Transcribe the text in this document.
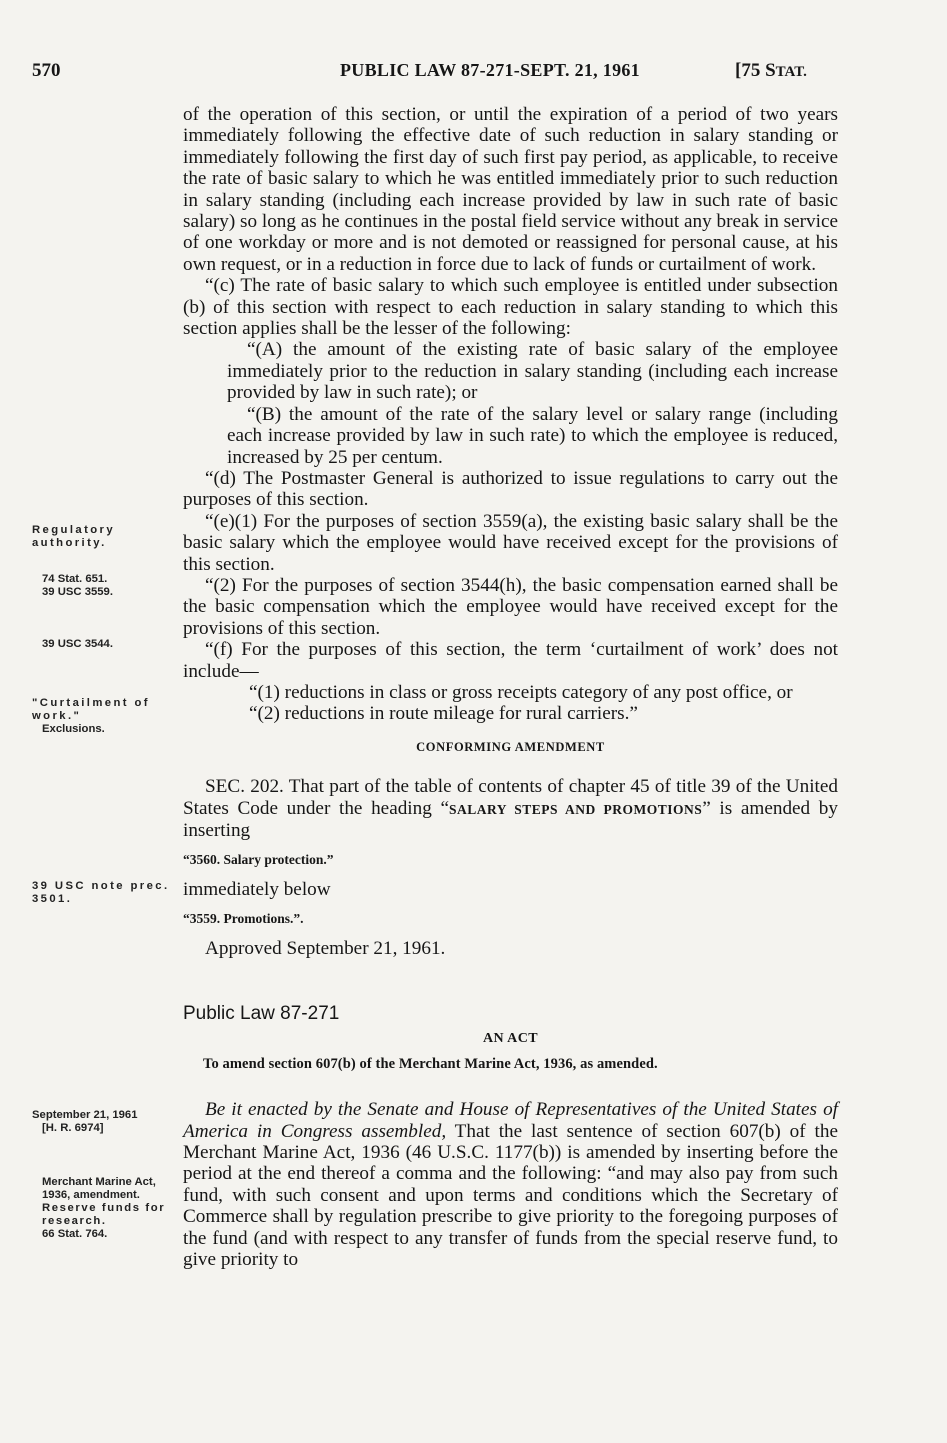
570	PUBLIC LAW 87-271-SEPT. 21, 1961	[75 STAT.

of the operation of this section, or until the expiration of a period of two years immediately following the effective date of such reduction in salary standing or immediately following the first day of such first pay period, as applicable, to receive the rate of basic salary to which he was entitled immediately prior to such reduction in salary standing (including each increase provided by law in such rate of basic salary) so long as he continues in the postal field service without any break in service of one workday or more and is not demoted or reassigned for personal cause, at his own request, or in a reduction in force due to lack of funds or curtailment of work.

“(c) The rate of basic salary to which such employee is entitled under subsection (b) of this section with respect to each reduction in salary standing to which this section applies shall be the lesser of the following:

“(A) the amount of the existing rate of basic salary of the employee immediately prior to the reduction in salary standing (including each increase provided by law in such rate); or

“(B) the amount of the rate of the salary level or salary range (including each increase provided by law in such rate) to which the employee is reduced, increased by 25 per centum.

“(d) The Postmaster General is authorized to issue regulations to carry out the purposes of this section.

“(e)(1) For the purposes of section 3559(a), the existing basic salary shall be the basic salary which the employee would have received except for the provisions of this section.

“(2) For the purposes of section 3544(h), the basic compensation earned shall be the basic compensation which the employee would have received except for the provisions of this section.

“(f) For the purposes of this section, the term ‘curtailment of work’ does not include—

“(1) reductions in class or gross receipts category of any post office, or

“(2) reductions in route mileage for rural carriers.”

CONFORMING AMENDMENT

SEC. 202. That part of the table of contents of chapter 45 of title 39 of the United States Code under the heading “SALARY STEPS AND PROMOTIONS” is amended by inserting

“3560. Salary protection.”

immediately below

“3559. Promotions.”.

Approved September 21, 1961.

Public Law 87-271

AN ACT

To amend section 607(b) of the Merchant Marine Act, 1936, as amended.

Be it enacted by the Senate and House of Representatives of the United States of America in Congress assembled, That the last sentence of section 607(b) of the Merchant Marine Act, 1936 (46 U.S.C. 1177(b)) is amended by inserting before the period at the end thereof a comma and the following: “and may also pay from such fund, with such consent and upon terms and conditions which the Secretary of Commerce shall by regulation prescribe to give priority to the foregoing purposes of the fund (and with respect to any transfer of funds from the special reserve fund, to give priority to

Regulatory authority.
74 Stat. 651.
39 USC 3559.
39 USC 3544.
"Curtailment of work."
Exclusions.
39 USC note prec. 3501.
September 21, 1961
[H. R. 6974]
Merchant Marine Act, 1936, amendment.
Reserve funds for research.
66 Stat. 764.
